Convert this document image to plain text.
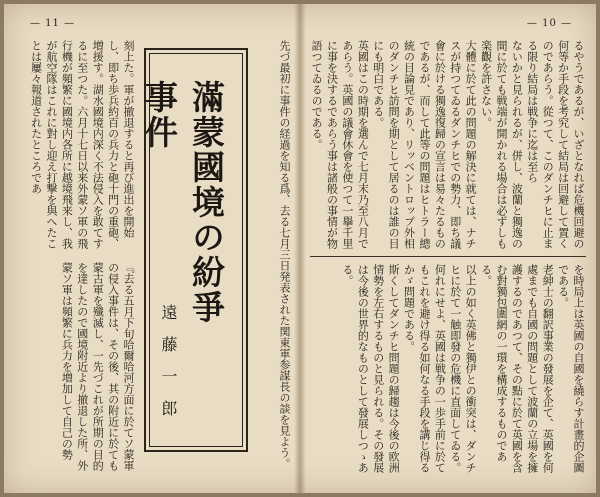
— 11 —

刻上た。軍が撤退すると再び進出を開始し、即ち歩兵約百の兵力と砲十門の重砲、増援す。湖水國境内深く不法侵入を敢てするに至つた。六月十七日以来外蒙ソ軍の飛行機が頻繁に國境内各所に越境飛来し、我が航空隊はこれに對し迎え打撃を與へたことは屢々報道されたところであ

『去る五月下旬哈爾哈河方面に於てソ蒙軍の侵入事件は、その後、其の附近に於ても蒙古軍を殲滅し、一先づこれが所期の目的を達したので國境附近より撤退した所、外蒙ソ軍は頻繁に兵力を増加して自己の勢	先づ最初に事件の経過を知る爲、去る七月三日発表された関東軍参謀長の談を見よう。

滿蒙國境の紛爭事件
遠藤一郎
— 10 —

るやうであるが、いざとなれば危機回避の何等か手段を考究して結局は回避して置くのであらう。從つて、このダンチヒに止まる限り結局は戦争に迄は至ら

ないかと見られるが、併し、波蘭と獨逸の間に於ても戦端が開かれる場合は必ずしも楽觀を許さない。

大體に於て此の問題の解決に就ては、ナチスが持つてゐるダンチヒでの勢力、即ち議會に於ける獨逸復歸の宣言は易々たるものであるが、而して此等の問題はヒトラー總統の目論見であり、リッベントロップ外相のダンチヒ訪問を期として居るのは誰の目にも明白である。

英國はこの時期を選んで七月末乃至八月であらう。英國の議會休會を使つて一擧千里に事を決するであらう事は諸般の事情が物語つてゐるのである。

を時局上は英國の自國を繞らす計畫的企圖である。

老紳士の翻訳事業の發展を企て、英國を何處までも自國の問題として波蘭の立場を擁護するのであつて、その點に於て英國を含む對獨包圍網の一環を構成するものである。

以上の如く英佛と獨伊との衝突は、ダンチヒに於て一触即發の危機に直面してゐる。何れにせよ、英國は戦争の一歩手前に於てもこれを避け得る如何なる手段を講じ得るかゞ問題である。

斯くしてダンチヒ問題の歸趨は今後の欧洲情勢を左右するものと見られる。その發展は今後の世界的なものとして發展しつゝある。
